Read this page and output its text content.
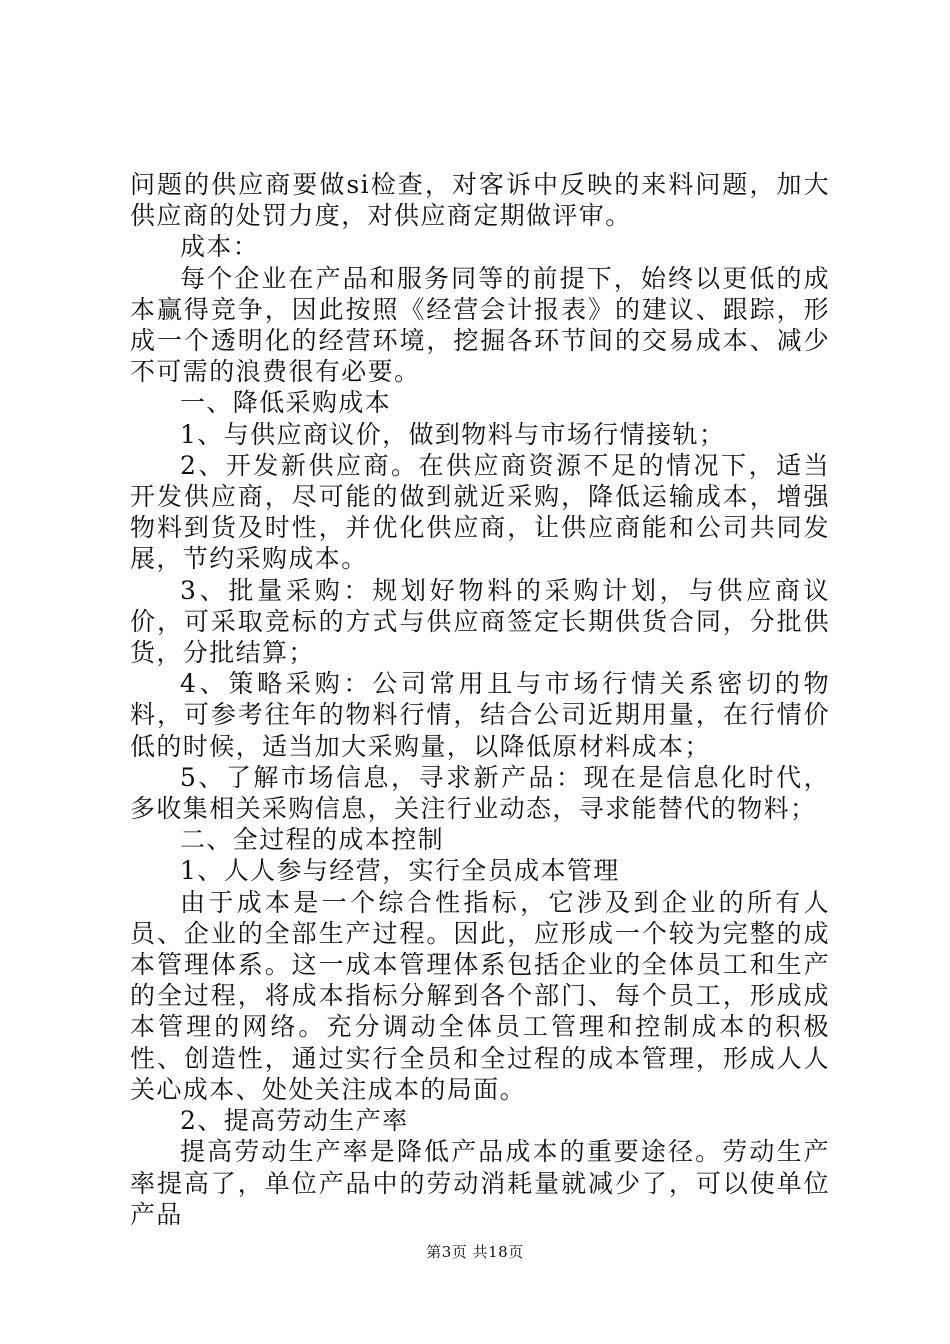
问题的供应商要做si检查，对客诉中反映的来料问题，加大供应商的处罚力度，对供应商定期做评审。

成本：

每个企业在产品和服务同等的前提下，始终以更低的成本赢得竞争，因此按照《经营会计报表》的建议、跟踪，形成一个透明化的经营环境，挖掘各环节间的交易成本、减少不可需的浪费很有必要。

一、降低采购成本

1、与供应商议价，做到物料与市场行情接轨；

2、开发新供应商。在供应商资源不足的情况下，适当开发供应商，尽可能的做到就近采购，降低运输成本，增强物料到货及时性，并优化供应商，让供应商能和公司共同发展，节约采购成本。

3、批量采购：规划好物料的采购计划，与供应商议价，可采取竞标的方式与供应商签定长期供货合同，分批供货，分批结算；

4、策略采购：公司常用且与市场行情关系密切的物料，可参考往年的物料行情，结合公司近期用量，在行情价低的时候，适当加大采购量，以降低原材料成本；

5、了解市场信息，寻求新产品：现在是信息化时代，多收集相关采购信息，关注行业动态，寻求能替代的物料；

二、全过程的成本控制

1、人人参与经营，实行全员成本管理

由于成本是一个综合性指标，它涉及到企业的所有人员、企业的全部生产过程。因此，应形成一个较为完整的成本管理体系。这一成本管理体系包括企业的全体员工和生产的全过程，将成本指标分解到各个部门、每个员工，形成成本管理的网络。充分调动全体员工管理和控制成本的积极性、创造性，通过实行全员和全过程的成本管理，形成人人关心成本、处处关注成本的局面。

2、提高劳动生产率

提高劳动生产率是降低产品成本的重要途径。劳动生产率提高了，单位产品中的劳动消耗量就减少了，可以使单位产品

第3页 共18页
